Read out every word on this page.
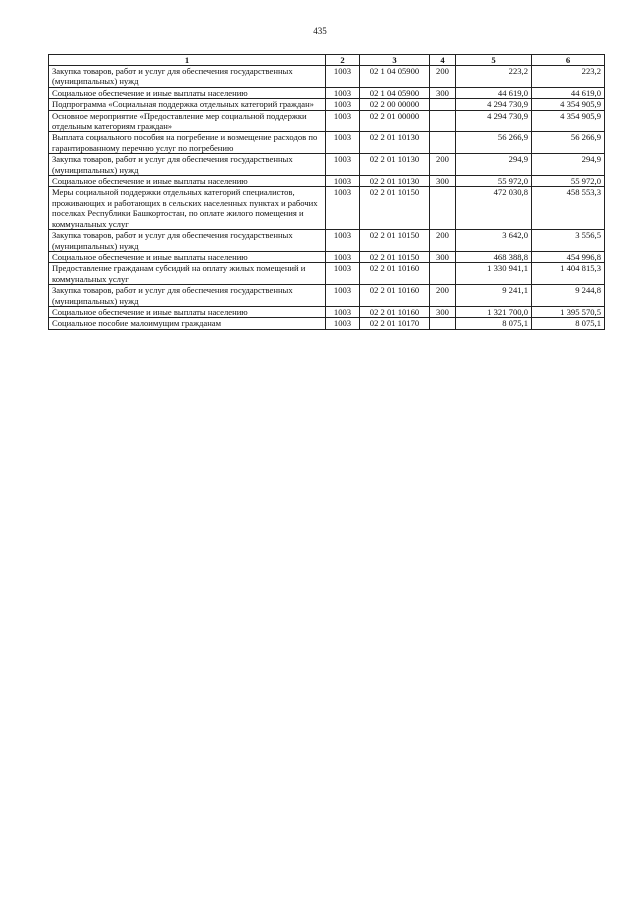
435
1	2	3	4	5	6
Закупка товаров, работ и услуг для обеспечения государственных (муниципальных) нужд	1003	02 1 04 05900	200	223,2	223,2
Социальное обеспечение и иные выплаты населению	1003	02 1 04 05900	300	44 619,0	44 619,0
Подпрограмма «Социальная поддержка отдельных категорий граждан»	1003	02 2 00 00000		4 294 730,9	4 354 905,9
Основное мероприятие «Предоставление мер социальной поддержки отдельным категориям граждан»	1003	02 2 01 00000		4 294 730,9	4 354 905,9
Выплата социального пособия на погребение и возмещение расходов по гарантированному перечню услуг по погребению	1003	02 2 01 10130		56 266,9	56 266,9
Закупка товаров, работ и услуг для обеспечения государственных (муниципальных) нужд	1003	02 2 01 10130	200	294,9	294,9
Социальное обеспечение и иные выплаты населению	1003	02 2 01 10130	300	55 972,0	55 972,0
Меры социальной поддержки отдельных категорий специалистов, проживающих и работающих в сельских населенных пунктах и рабочих поселках Республики Башкортостан, по оплате жилого помещения и коммунальных услуг	1003	02 2 01 10150		472 030,8	458 553,3
Закупка товаров, работ и услуг для обеспечения государственных (муниципальных) нужд	1003	02 2 01 10150	200	3 642,0	3 556,5
Социальное обеспечение и иные выплаты населению	1003	02 2 01 10150	300	468 388,8	454 996,8
Предоставление гражданам субсидий на оплату жилых помещений и коммунальных услуг	1003	02 2 01 10160		1 330 941,1	1 404 815,3
Закупка товаров, работ и услуг для обеспечения государственных (муниципальных) нужд	1003	02 2 01 10160	200	9 241,1	9 244,8
Социальное обеспечение и иные выплаты населению	1003	02 2 01 10160	300	1 321 700,0	1 395 570,5
Социальное пособие малоимущим гражданам	1003	02 2 01 10170		8 075,1	8 075,1
